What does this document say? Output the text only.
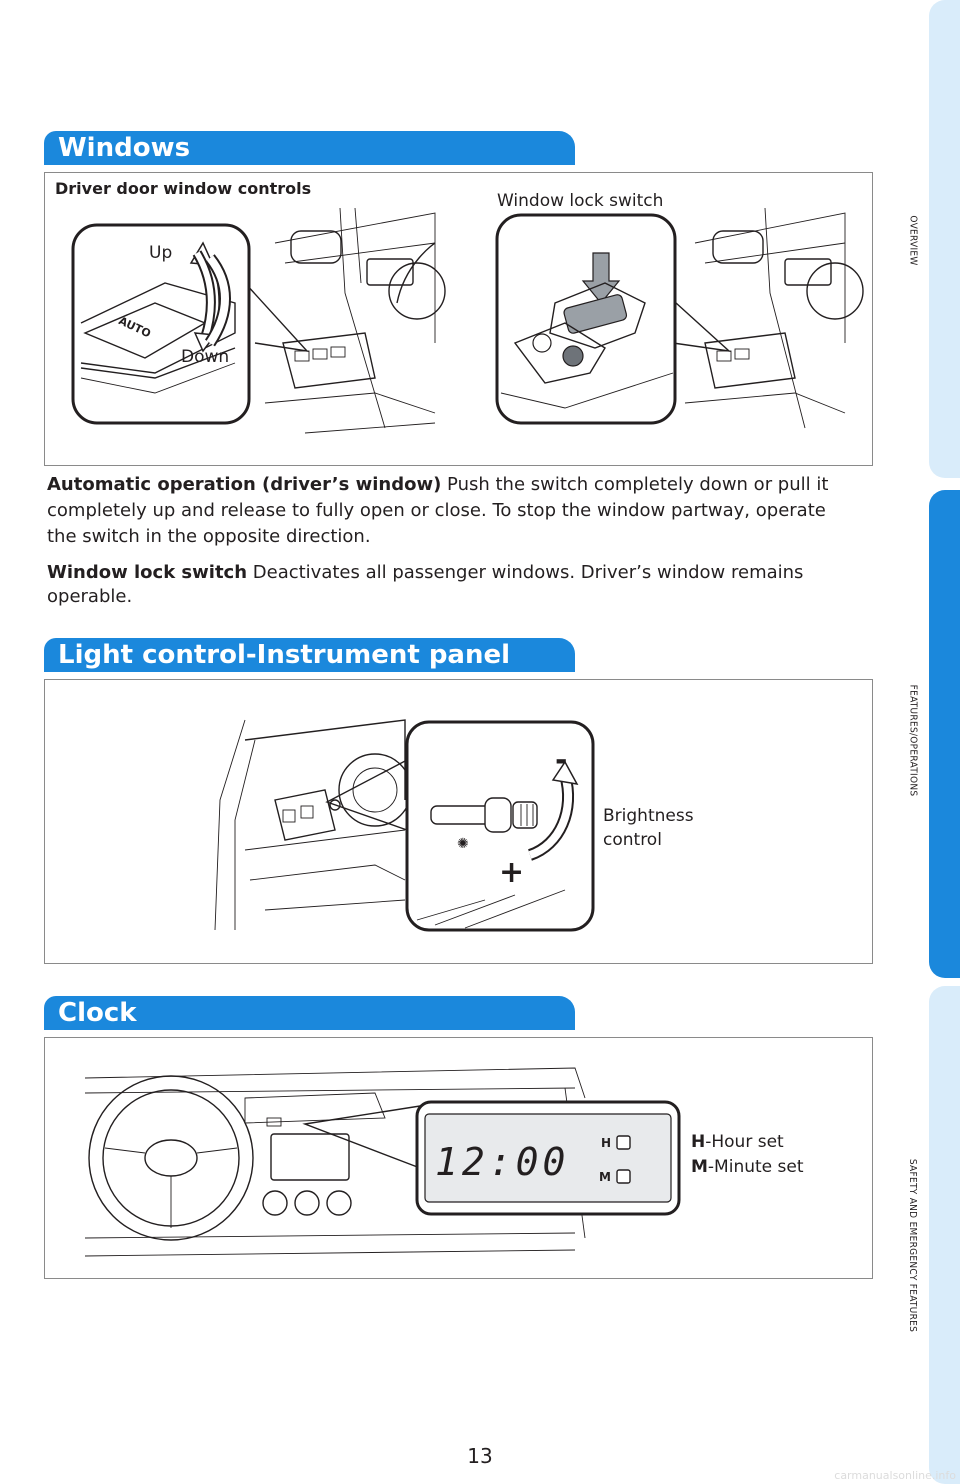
OVERVIEW
FEATURES/OPERATIONS
SAFETY AND EMERGENCY FEATURES
Windows
AUTO
Driver door window controls
Window lock switch
Up
Down
Automatic operation (driver’s window) Push the switch completely down or pull it completely up and release to fully open or close. To stop the window partway, operate the switch in the opposite direction.
Window lock switch Deactivates all passenger windows. Driver’s window remains operable.
Light control-Instrument panel
✺
-
+
Brightness
control
Clock
12:00	H
M
H-Hour set
M-Minute set
13
carmanualsonline.info
